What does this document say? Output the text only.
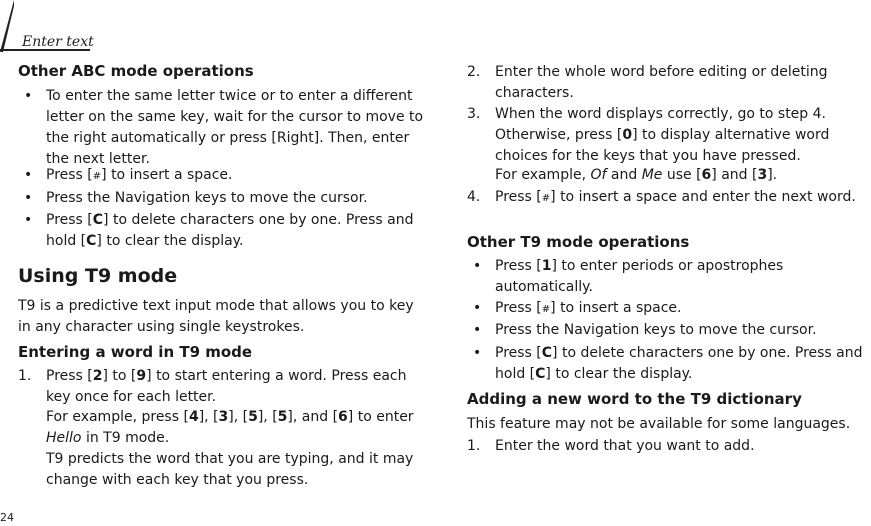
Enter text
24
Other ABC mode operations
• To enter the same letter twice or to enter a different letter on the same key, wait for the cursor to move to the right automatically or press [Right]. Then, enter the next letter.
• Press [#] to insert a space.
• Press the Navigation keys to move the cursor.
• Press [C] to delete characters one by one. Press and hold [C] to clear the display.
Using T9 mode
T9 is a predictive text input mode that allows you to key in any character using single keystrokes.
Entering a word in T9 mode
1.	Press [2] to [9] to start entering a word. Press each key once for each letter.
For example, press [4], [3], [5], [5], and [6] to enter Hello in T9 mode.
T9 predicts the word that you are typing, and it may change with each key that you press.
2.	Enter the whole word before editing or deleting characters.
3.	When the word displays correctly, go to step 4. Otherwise, press [0] to display alternative word choices for the keys that you have pressed.
For example, Of and Me use [6] and [3].
4.	Press [#] to insert a space and enter the next word.
Other T9 mode operations
• Press [1] to enter periods or apostrophes automatically.
• Press [#] to insert a space.
• Press the Navigation keys to move the cursor.
• Press [C] to delete characters one by one. Press and hold [C] to clear the display.
Adding a new word to the T9 dictionary
This feature may not be available for some languages.
1.	Enter the word that you want to add.
